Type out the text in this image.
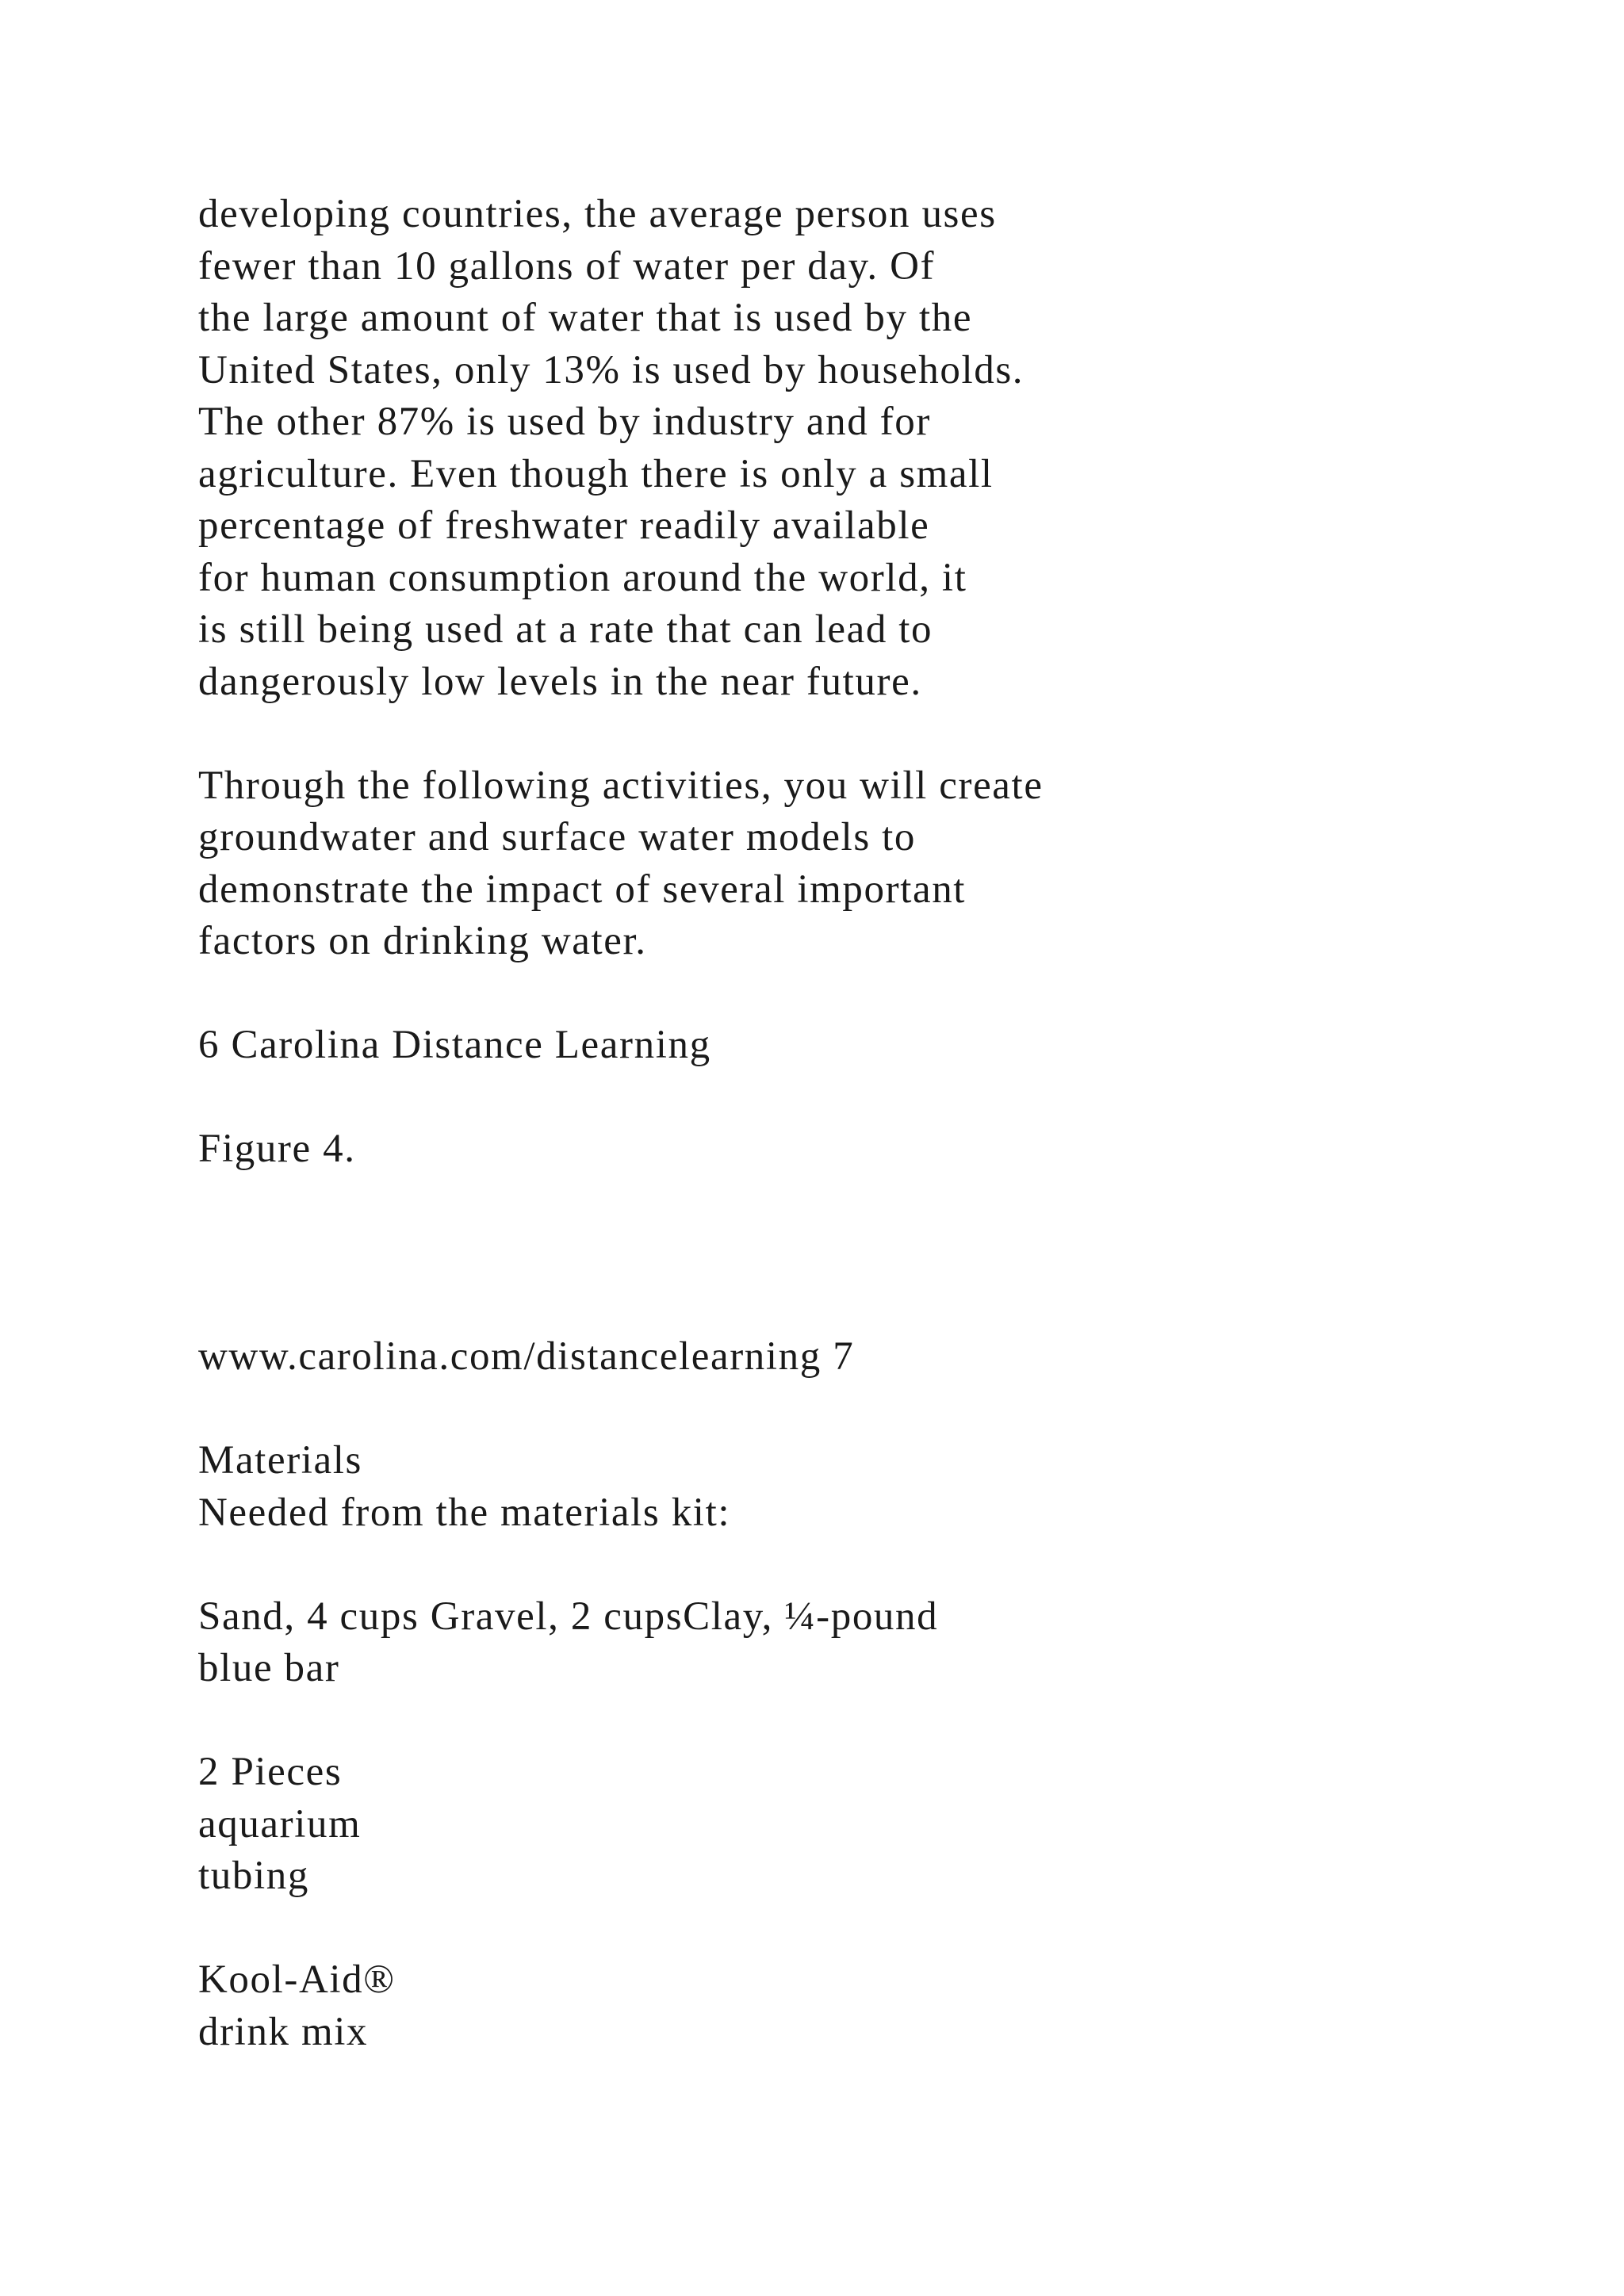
developing countries, the average person uses
fewer than 10 gallons of water per day. Of
the large amount of water that is used by the
United States, only 13% is used by households.
The other 87% is used by industry and for
agriculture. Even though there is only a small
percentage of freshwater readily available
for human consumption around the world, it
is still being used at a rate that can lead to
dangerously low levels in the near future.
Through the following activities, you will create
groundwater and surface water models to
demonstrate the impact of several important
factors on drinking water.
6 Carolina Distance Learning
Figure 4.
www.carolina.com/distancelearning 7
Materials
Needed from the materials kit:
Sand, 4 cups Gravel, 2 cupsClay, ¼-pound
blue bar
2 Pieces
aquarium
tubing
Kool-Aid®
drink mix
